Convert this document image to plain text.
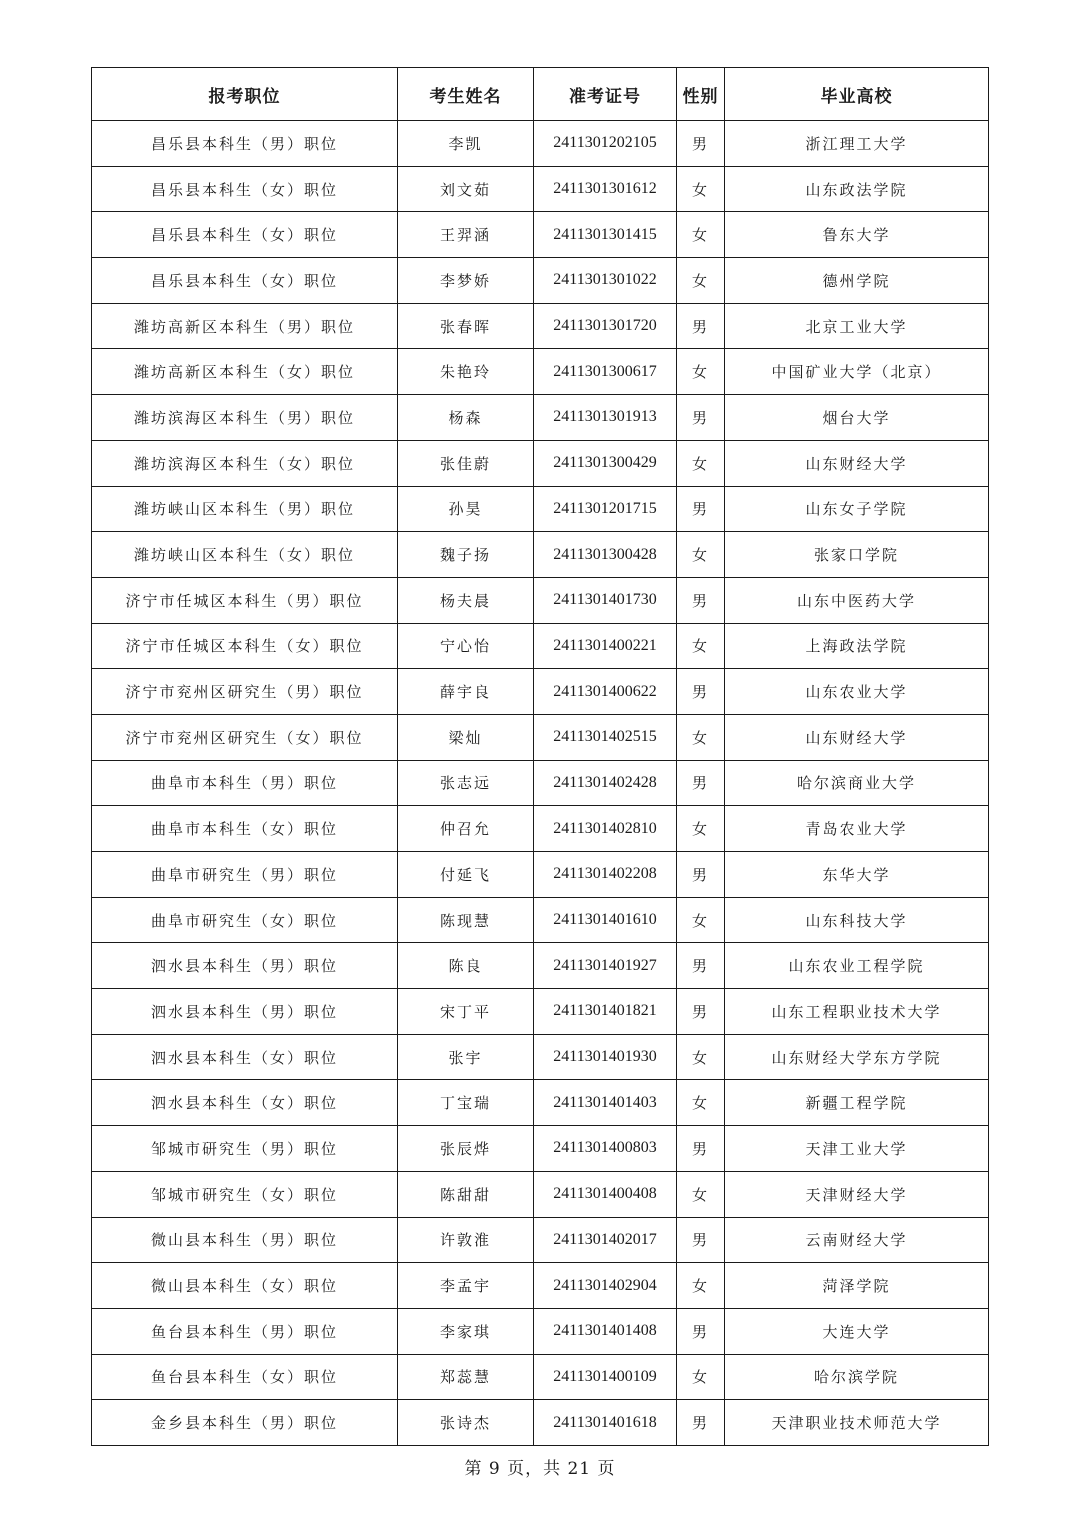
报考职位	考生姓名	准考证号	性别	毕业高校
昌乐县本科生（男）职位	李凯	2411301202105	男	浙江理工大学
昌乐县本科生（女）职位	刘文茹	2411301301612	女	山东政法学院
昌乐县本科生（女）职位	王羿涵	2411301301415	女	鲁东大学
昌乐县本科生（女）职位	李梦娇	2411301301022	女	德州学院
潍坊高新区本科生（男）职位	张春晖	2411301301720	男	北京工业大学
潍坊高新区本科生（女）职位	朱艳玲	2411301300617	女	中国矿业大学（北京）
潍坊滨海区本科生（男）职位	杨森	2411301301913	男	烟台大学
潍坊滨海区本科生（女）职位	张佳蔚	2411301300429	女	山东财经大学
潍坊峡山区本科生（男）职位	孙昊	2411301201715	男	山东女子学院
潍坊峡山区本科生（女）职位	魏子扬	2411301300428	女	张家口学院
济宁市任城区本科生（男）职位	杨夫晨	2411301401730	男	山东中医药大学
济宁市任城区本科生（女）职位	宁心怡	2411301400221	女	上海政法学院
济宁市兖州区研究生（男）职位	薛宇良	2411301400622	男	山东农业大学
济宁市兖州区研究生（女）职位	梁灿	2411301402515	女	山东财经大学
曲阜市本科生（男）职位	张志远	2411301402428	男	哈尔滨商业大学
曲阜市本科生（女）职位	仲召允	2411301402810	女	青岛农业大学
曲阜市研究生（男）职位	付延飞	2411301402208	男	东华大学
曲阜市研究生（女）职位	陈现慧	2411301401610	女	山东科技大学
泗水县本科生（男）职位	陈良	2411301401927	男	山东农业工程学院
泗水县本科生（男）职位	宋丁平	2411301401821	男	山东工程职业技术大学
泗水县本科生（女）职位	张宇	2411301401930	女	山东财经大学东方学院
泗水县本科生（女）职位	丁宝瑞	2411301401403	女	新疆工程学院
邹城市研究生（男）职位	张辰烨	2411301400803	男	天津工业大学
邹城市研究生（女）职位	陈甜甜	2411301400408	女	天津财经大学
微山县本科生（男）职位	许敦淮	2411301402017	男	云南财经大学
微山县本科生（女）职位	李孟宇	2411301402904	女	菏泽学院
鱼台县本科生（男）职位	李家琪	2411301401408	男	大连大学
鱼台县本科生（女）职位	郑蕊慧	2411301400109	女	哈尔滨学院
金乡县本科生（男）职位	张诗杰	2411301401618	男	天津职业技术师范大学
第 9 页，共 21 页
